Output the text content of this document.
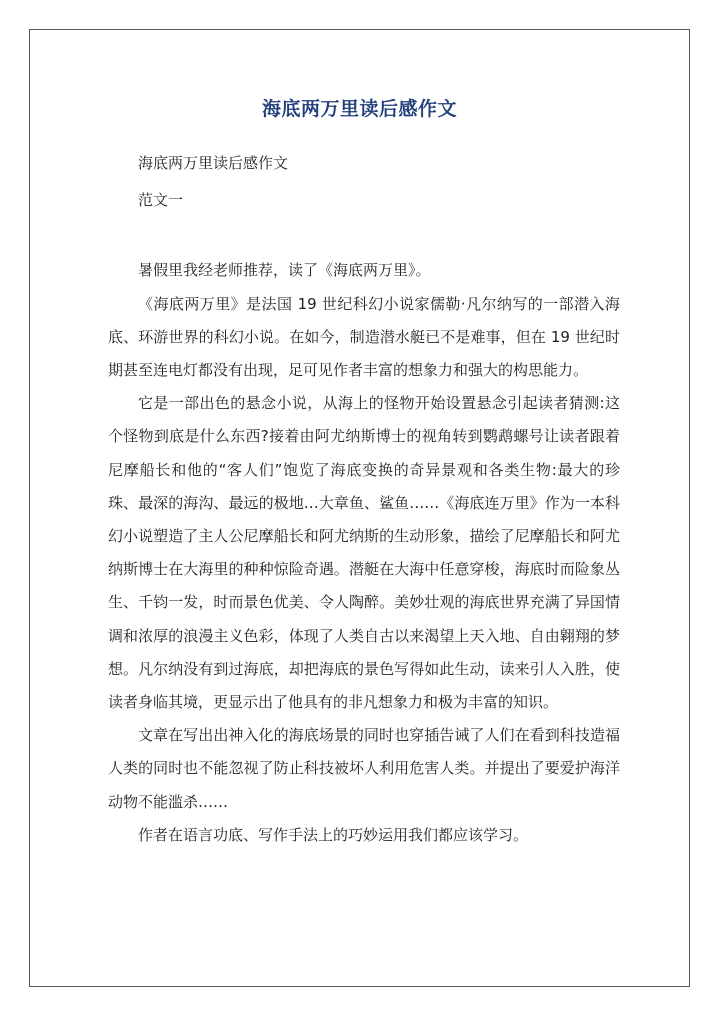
海底两万里读后感作文

海底两万里读后感作文

范文一

暑假里我经老师推荐，读了《海底两万里》。

《海底两万里》是法国 19 世纪科幻小说家儒勒·凡尔纳写的一部潜入海底、环游世界的科幻小说。在如今，制造潜水艇已不是难事，但在 19 世纪时期甚至连电灯都没有出现，足可见作者丰富的想象力和强大的构思能力。

它是一部出色的悬念小说，从海上的怪物开始设置悬念引起读者猜测:这个怪物到底是什么东西?接着由阿尤纳斯博士的视角转到鹦鹉螺号让读者跟着尼摩船长和他的“客人们”饱览了海底变换的奇异景观和各类生物:最大的珍珠、最深的海沟、最远的极地…大章鱼、鲨鱼……《海底连万里》作为一本科幻小说塑造了主人公尼摩船长和阿尤纳斯的生动形象，描绘了尼摩船长和阿尤纳斯博士在大海里的种种惊险奇遇。潜艇在大海中任意穿梭，海底时而险象丛生、千钧一发，时而景色优美、令人陶醉。美妙壮观的海底世界充满了异国情调和浓厚的浪漫主义色彩，体现了人类自古以来渴望上天入地、自由翱翔的梦想。凡尔纳没有到过海底，却把海底的景色写得如此生动，读来引人入胜，使读者身临其境，更显示出了他具有的非凡想象力和极为丰富的知识。

文章在写出出神入化的海底场景的同时也穿插告诫了人们在看到科技造福人类的同时也不能忽视了防止科技被坏人利用危害人类。并提出了要爱护海洋动物不能滥杀……

作者在语言功底、写作手法上的巧妙运用我们都应该学习。
